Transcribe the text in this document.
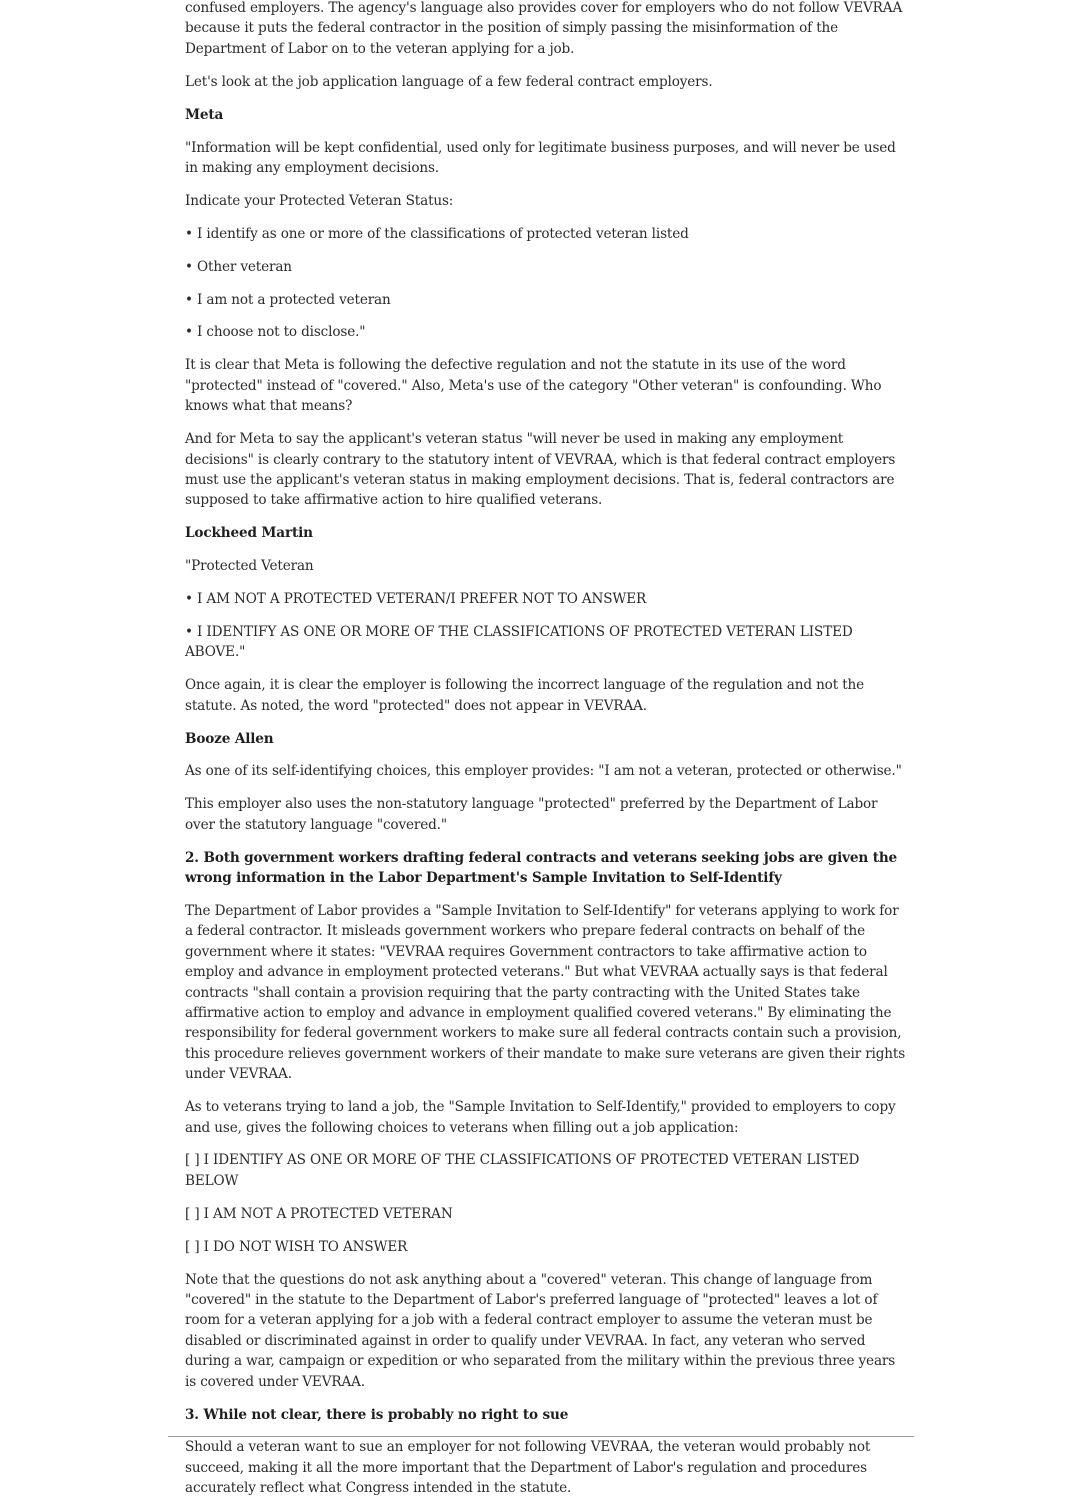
confused employers. The agency's language also provides cover for employers who do not follow VEVRAA because it puts the federal contractor in the position of simply passing the misinformation of the Department of Labor on to the veteran applying for a job.

Let's look at the job application language of a few federal contract employers.

Meta

"Information will be kept confidential, used only for legitimate business purposes, and will never be used in making any employment decisions.

Indicate your Protected Veteran Status:

• I identify as one or more of the classifications of protected veteran listed

• Other veteran

• I am not a protected veteran

• I choose not to disclose."

It is clear that Meta is following the defective regulation and not the statute in its use of the word "protected" instead of "covered." Also, Meta's use of the category "Other veteran" is confounding. Who knows what that means?

And for Meta to say the applicant's veteran status "will never be used in making any employment decisions" is clearly contrary to the statutory intent of VEVRAA, which is that federal contract employers must use the applicant's veteran status in making employment decisions. That is, federal contractors are supposed to take affirmative action to hire qualified veterans.

Lockheed Martin

"Protected Veteran

• I AM NOT A PROTECTED VETERAN/I PREFER NOT TO ANSWER

• I IDENTIFY AS ONE OR MORE OF THE CLASSIFICATIONS OF PROTECTED VETERAN LISTED ABOVE."

Once again, it is clear the employer is following the incorrect language of the regulation and not the statute. As noted, the word "protected" does not appear in VEVRAA.

Booze Allen

As one of its self-identifying choices, this employer provides: "I am not a veteran, protected or otherwise."

This employer also uses the non-statutory language "protected" preferred by the Department of Labor over the statutory language "covered."

2. Both government workers drafting federal contracts and veterans seeking jobs are given the wrong information in the Labor Department's Sample Invitation to Self-Identify

The Department of Labor provides a "Sample Invitation to Self-Identify" for veterans applying to work for a federal contractor. It misleads government workers who prepare federal contracts on behalf of the government where it states: "VEVRAA requires Government contractors to take affirmative action to employ and advance in employment protected veterans." But what VEVRAA actually says is that federal contracts "shall contain a provision requiring that the party contracting with the United States take affirmative action to employ and advance in employment qualified covered veterans." By eliminating the responsibility for federal government workers to make sure all federal contracts contain such a provision, this procedure relieves government workers of their mandate to make sure veterans are given their rights under VEVRAA.

As to veterans trying to land a job, the "Sample Invitation to Self-Identify," provided to employers to copy and use, gives the following choices to veterans when filling out a job application:

[ ] I IDENTIFY AS ONE OR MORE OF THE CLASSIFICATIONS OF PROTECTED VETERAN LISTED BELOW

[ ] I AM NOT A PROTECTED VETERAN

[ ] I DO NOT WISH TO ANSWER

Note that the questions do not ask anything about a "covered" veteran. This change of language from "covered" in the statute to the Department of Labor's preferred language of "protected" leaves a lot of room for a veteran applying for a job with a federal contract employer to assume the veteran must be disabled or discriminated against in order to qualify under VEVRAA. In fact, any veteran who served during a war, campaign or expedition or who separated from the military within the previous three years is covered under VEVRAA.

3. While not clear, there is probably no right to sue

Should a veteran want to sue an employer for not following VEVRAA, the veteran would probably not succeed, making it all the more important that the Department of Labor's regulation and procedures accurately reflect what Congress intended in the statute.
